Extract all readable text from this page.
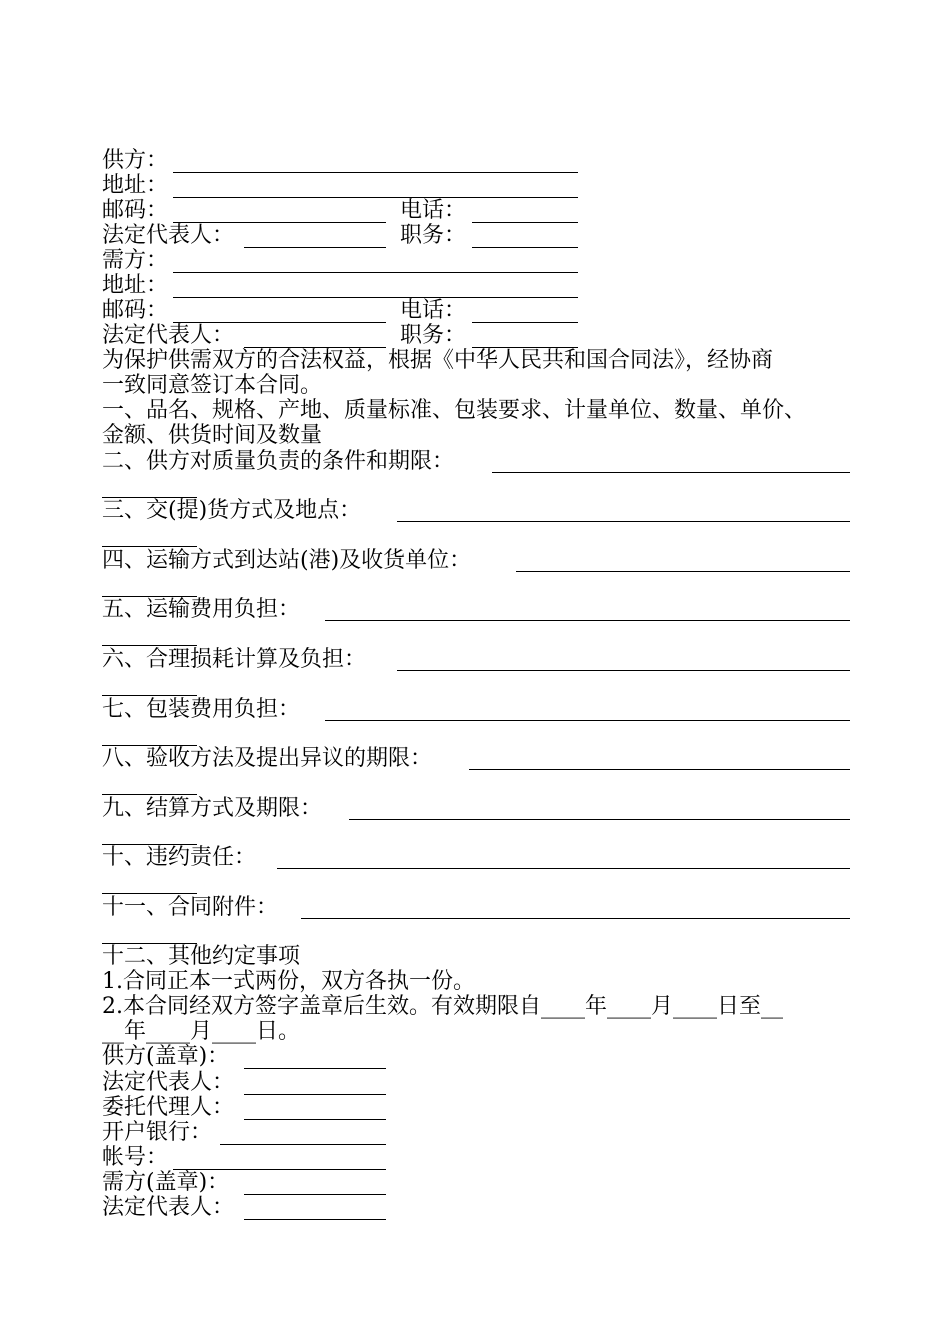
供方：
地址：
邮码：	电话：
法定代表人：	职务：
需方：
地址：
邮码：	电话：
法定代表人：	职务：
为保护供需双方的合法权益，根据《中华人民共和国合同法》，经协商
一致同意签订本合同。
一、品名、规格、产地、质量标准、包装要求、计量单位、数量、单价、
金额、供货时间及数量
二、供方对质量负责的条件和期限：
三、交(提)货方式及地点：
四、运输方式到达站(港)及收货单位：
五、运输费用负担：
六、合理损耗计算及负担：
七、包装费用负担：
八、验收方法及提出异议的期限：
九、结算方式及期限：
十、违约责任：
十一、合同附件：
十二、其他约定事项
1.合同正本一式两份，双方各执一份。
2.本合同经双方签字盖章后生效。有效期限自____年____月____日至__
__年____月____日。
供方(盖章)：
法定代表人：
委托代理人：
开户银行：
帐号：
需方(盖章)：
法定代表人：
